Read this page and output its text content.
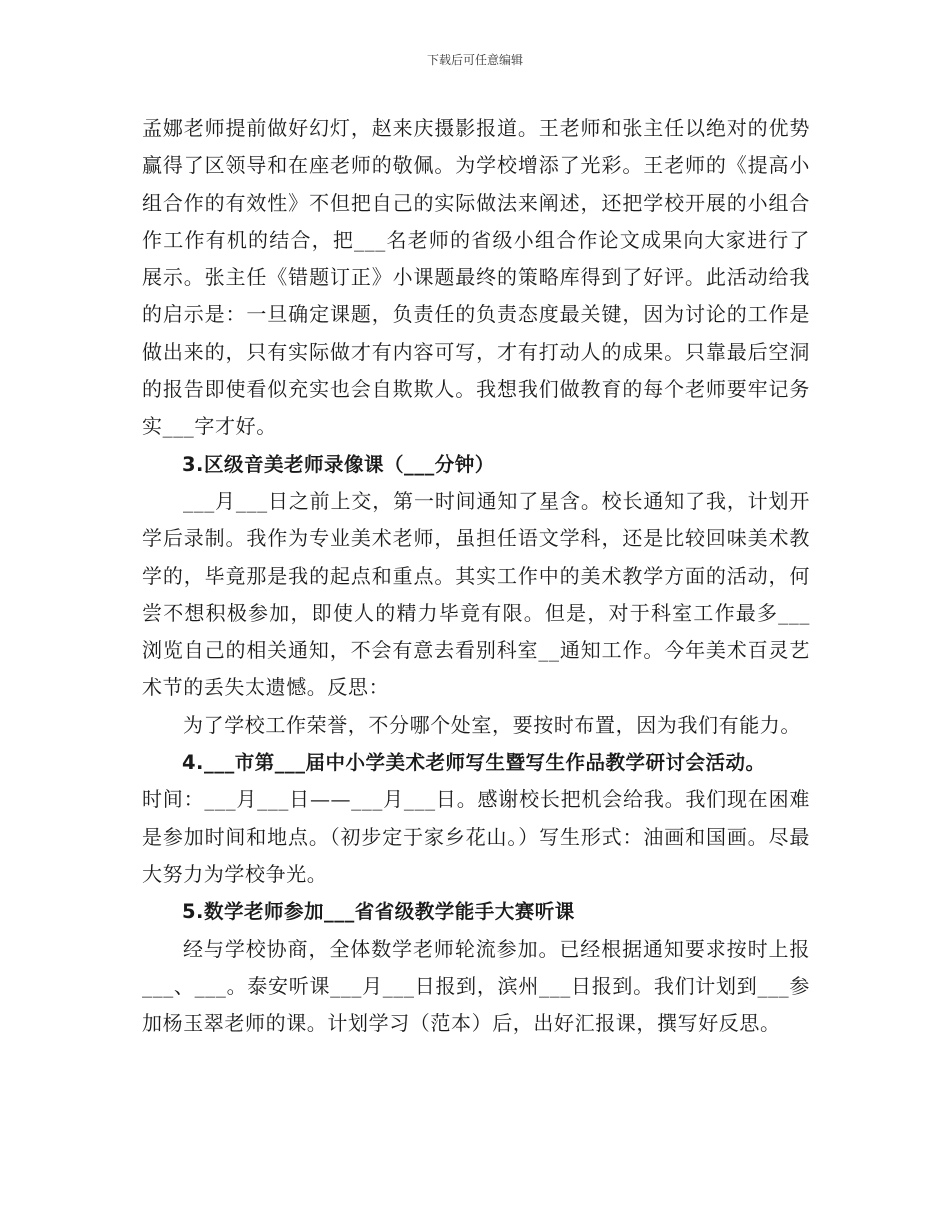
下载后可任意编辑

孟娜老师提前做好幻灯，赵来庆摄影报道。王老师和张主任以绝对的优势赢得了区领导和在座老师的敬佩。为学校增添了光彩。王老师的《提高小组合作的有效性》不但把自己的实际做法来阐述，还把学校开展的小组合作工作有机的结合，把___名老师的省级小组合作论文成果向大家进行了展示。张主任《错题订正》小课题最终的策略库得到了好评。此活动给我的启示是：一旦确定课题，负责任的负责态度最关键，因为讨论的工作是做出来的，只有实际做才有内容可写，才有打动人的成果。只靠最后空洞的报告即使看似充实也会自欺欺人。我想我们做教育的每个老师要牢记务实___字才好。

3.区级音美老师录像课（___分钟）

___月___日之前上交，第一时间通知了星含。校长通知了我，计划开学后录制。我作为专业美术老师，虽担任语文学科，还是比较回味美术教学的，毕竟那是我的起点和重点。其实工作中的美术教学方面的活动，何尝不想积极参加，即使人的精力毕竟有限。但是，对于科室工作最多___浏览自己的相关通知，不会有意去看别科室__通知工作。今年美术百灵艺术节的丢失太遗憾。反思：

为了学校工作荣誉，不分哪个处室，要按时布置，因为我们有能力。

4.___市第___届中小学美术老师写生暨写生作品教学研讨会活动。

时间：___月___日——___月___日。感谢校长把机会给我。我们现在困难是参加时间和地点。（初步定于家乡花山。）写生形式：油画和国画。尽最大努力为学校争光。

5.数学老师参加___省省级教学能手大赛听课

经与学校协商，全体数学老师轮流参加。已经根据通知要求按时上报___、___。泰安听课___月___日报到，滨州___日报到。我们计划到___参加杨玉翠老师的课。计划学习（范本）后，出好汇报课，撰写好反思。
